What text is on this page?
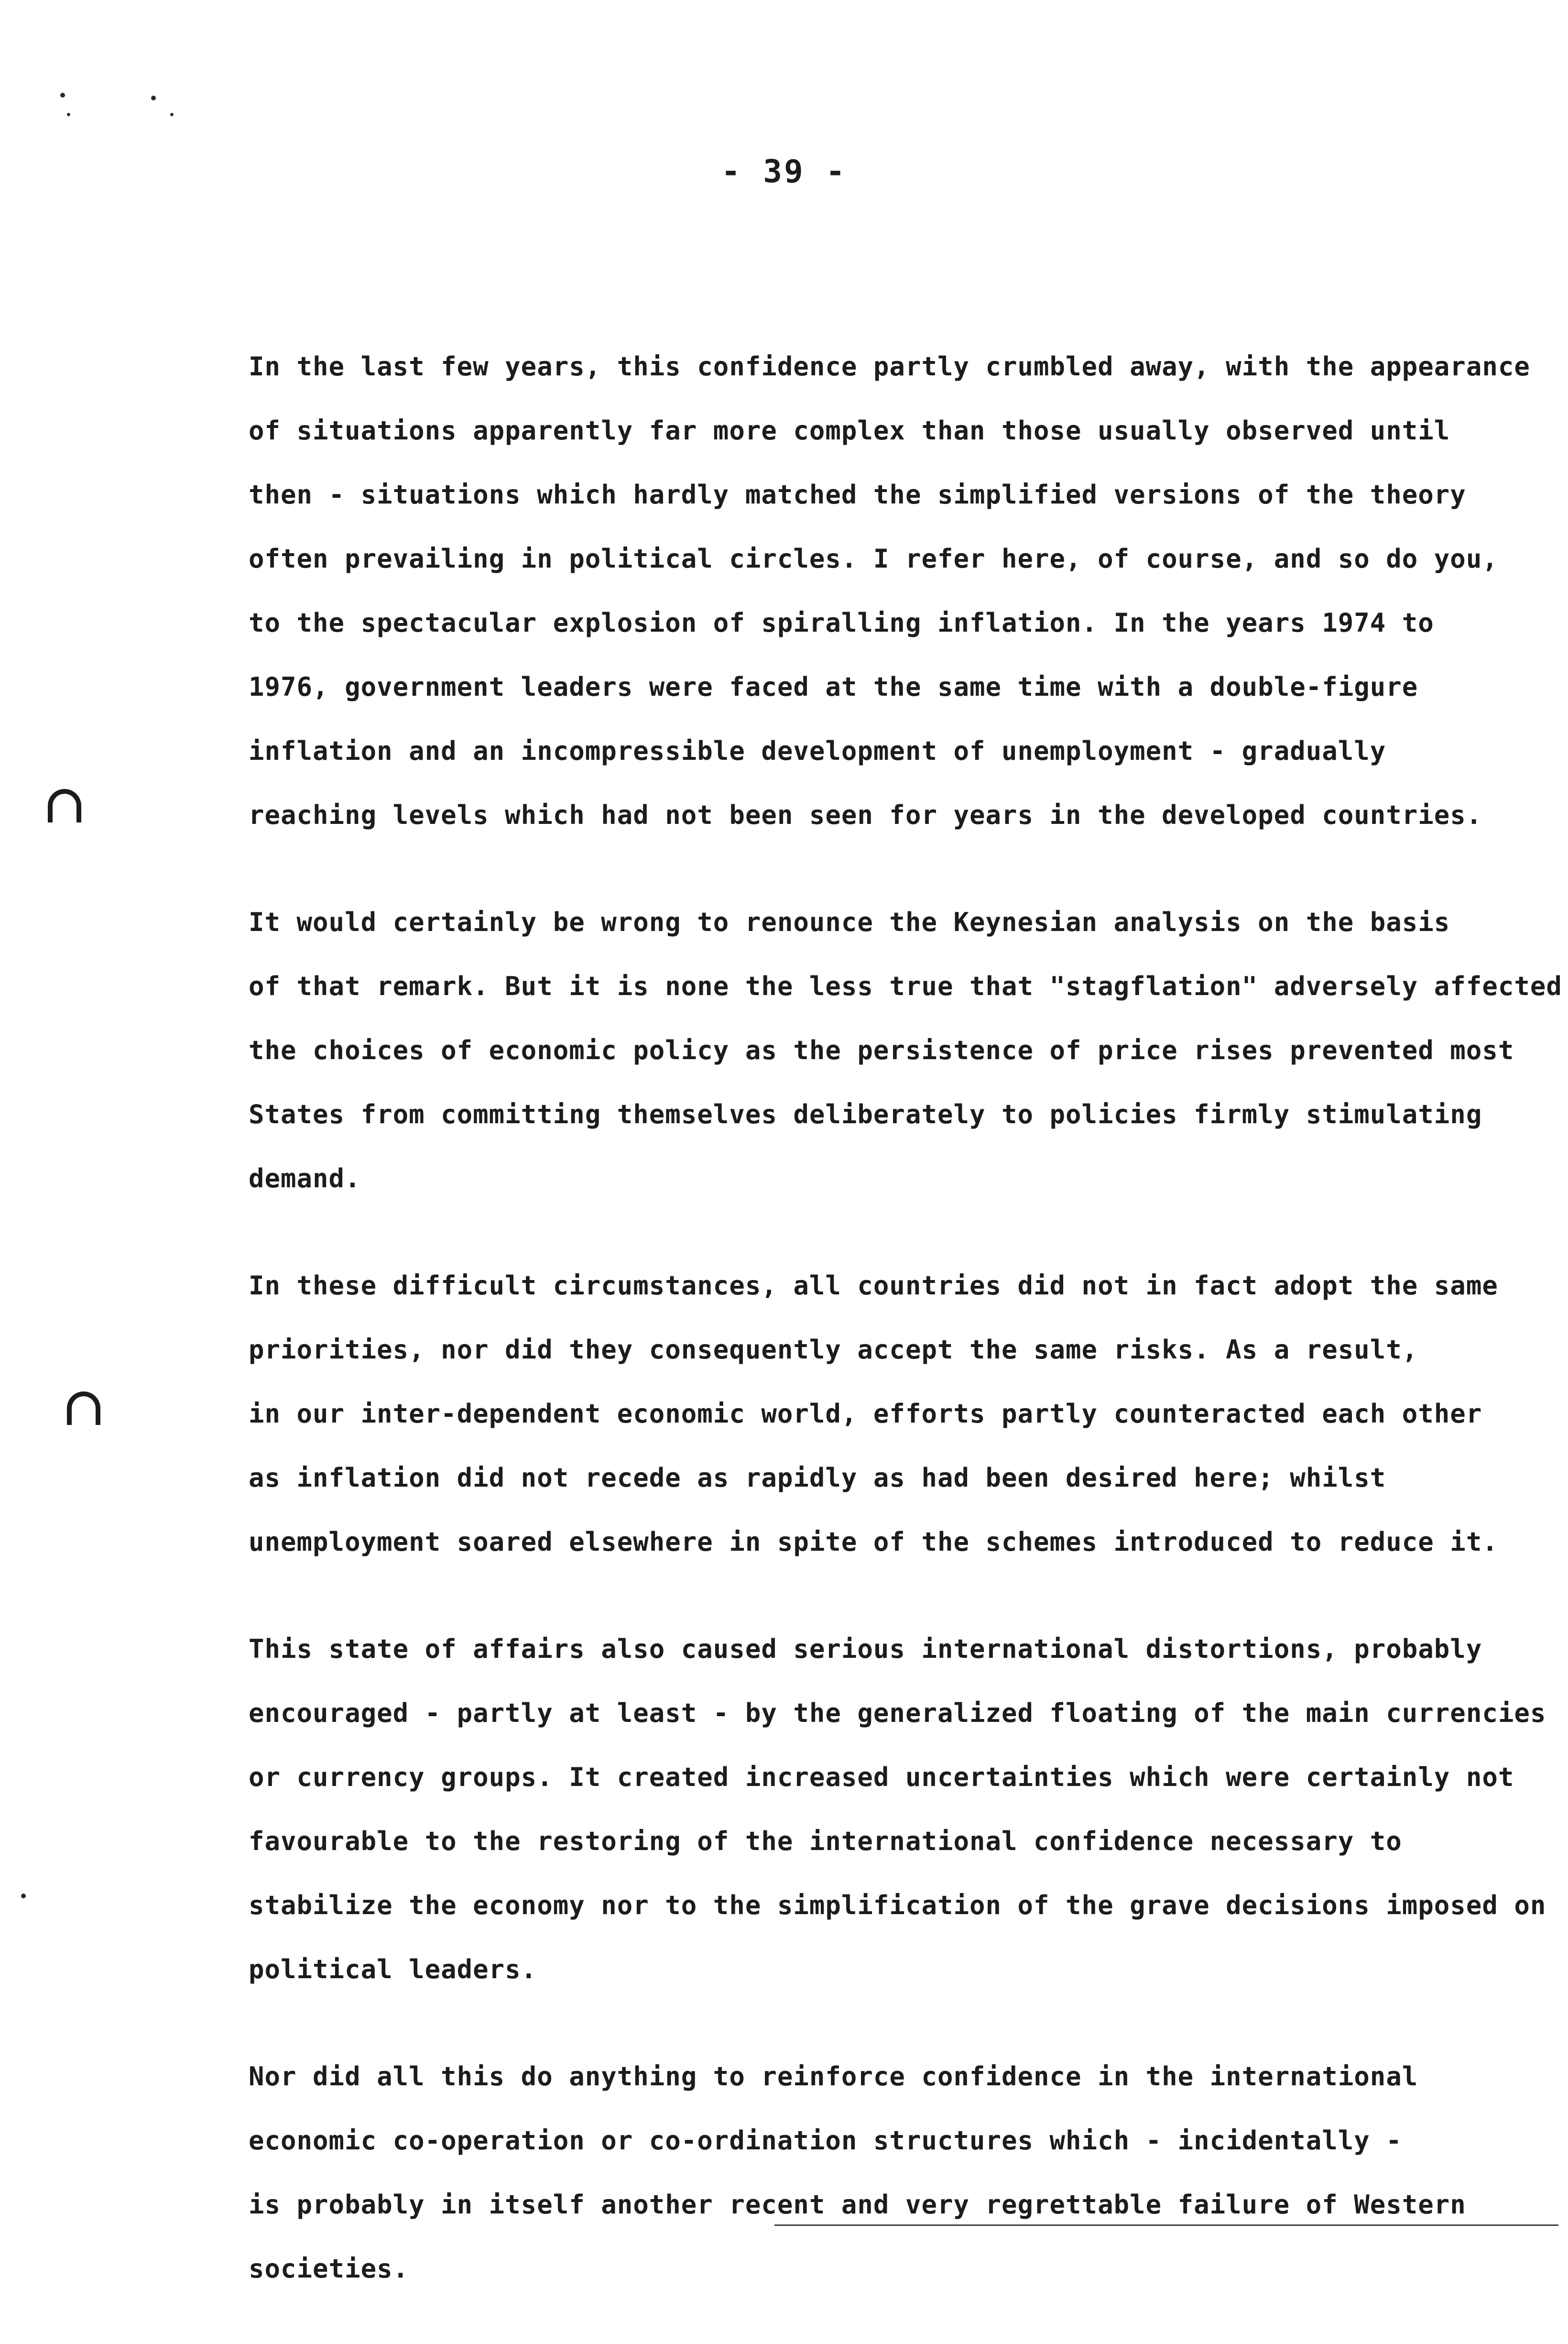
- 39 -
In the last few years, this confidence partly crumbled away, with the appearance
of situations apparently far more complex than those usually observed until
then - situations which hardly matched the simplified versions of the theory
often prevailing in political circles. I refer here, of course, and so do you,
to the spectacular explosion of spiralling inflation. In the years 1974 to
1976, government leaders were faced at the same time with a double-figure
inflation and an incompressible development of unemployment - gradually
reaching levels which had not been seen for years in the developed countries.
It would certainly be wrong to renounce the Keynesian analysis on the basis
of that remark. But it is none the less true that "stagflation" adversely affected
the choices of economic policy as the persistence of price rises prevented most
States from committing themselves deliberately to policies firmly stimulating
demand.
In these difficult circumstances, all countries did not in fact adopt the same
priorities, nor did they consequently accept the same risks. As a result,
in our inter-dependent economic world, efforts partly counteracted each other
as inflation did not recede as rapidly as had been desired here; whilst
unemployment soared elsewhere in spite of the schemes introduced to reduce it.
This state of affairs also caused serious international distortions, probably
encouraged - partly at least - by the generalized floating of the main currencies
or currency groups. It created increased uncertainties which were certainly not
favourable to the restoring of the international confidence necessary to
stabilize the economy nor to the simplification of the grave decisions imposed on
political leaders.
Nor did all this do anything to reinforce confidence in the international
economic co-operation or co-ordination structures which - incidentally -
is probably in itself another recent and very regrettable failure of Western
societies.
